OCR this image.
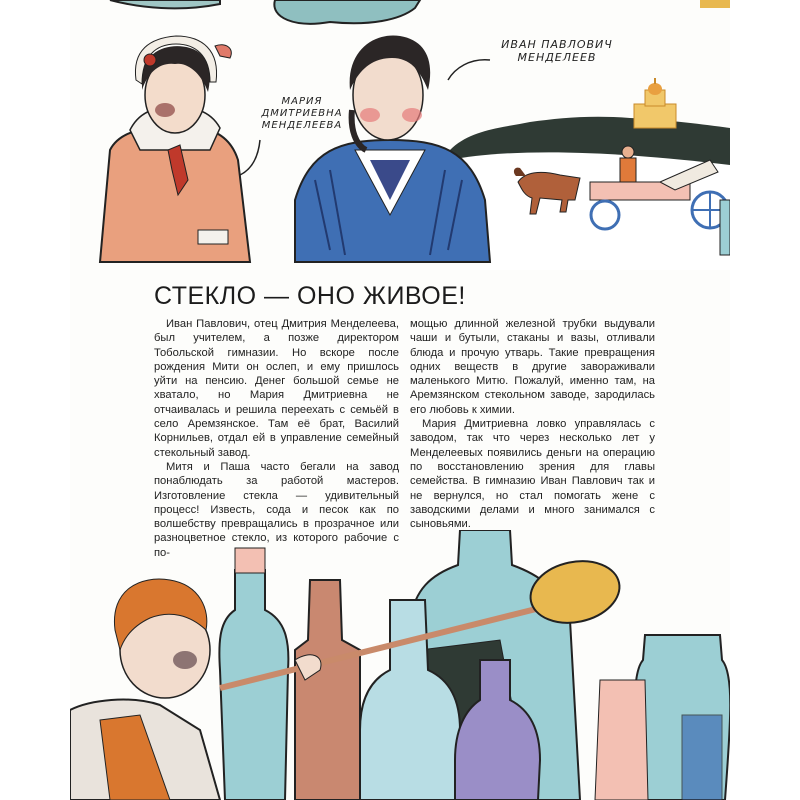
ИВАН ПАВЛОВИЧ МЕНДЕЛЕЕВ
МАРИЯ ДМИТРИЕВНА МЕНДЕЛЕЕВА
СТЕКЛО — ОНО ЖИВОЕ!

Иван Павлович, отец Дмитрия Менделеева, был учителем, а позже директором Тобольской гимназии. Но вскоре после рождения Мити он ослеп, и ему пришлось уйти на пенсию. Денег большой семье не хватало, но Мария Дмитриевна не отчаивалась и решила переехать с семьёй в село Аремзянское. Там её брат, Василий Корнильев, отдал ей в управление семейный стекольный завод.

Митя и Паша часто бегали на завод понаблюдать за работой мастеров. Изготовление стекла — удивительный процесс! Известь, сода и песок как по волшебству превращались в прозрачное или разноцветное стекло, из которого рабочие с по-

мощью длинной железной трубки выдували чаши и бутыли, стаканы и вазы, отливали блюда и прочую утварь. Такие превращения одних веществ в другие завораживали маленького Митю. Пожалуй, именно там, на Аремзянском стекольном заводе, зародилась его любовь к химии.

Мария Дмитриевна ловко управлялась с заводом, так что через несколько лет у Менделеевых появились деньги на операцию по восстановлению зрения для главы семейства. В гимназию Иван Павлович так и не вернулся, но стал помогать жене с заводскими делами и много занимался с сыновьями.
